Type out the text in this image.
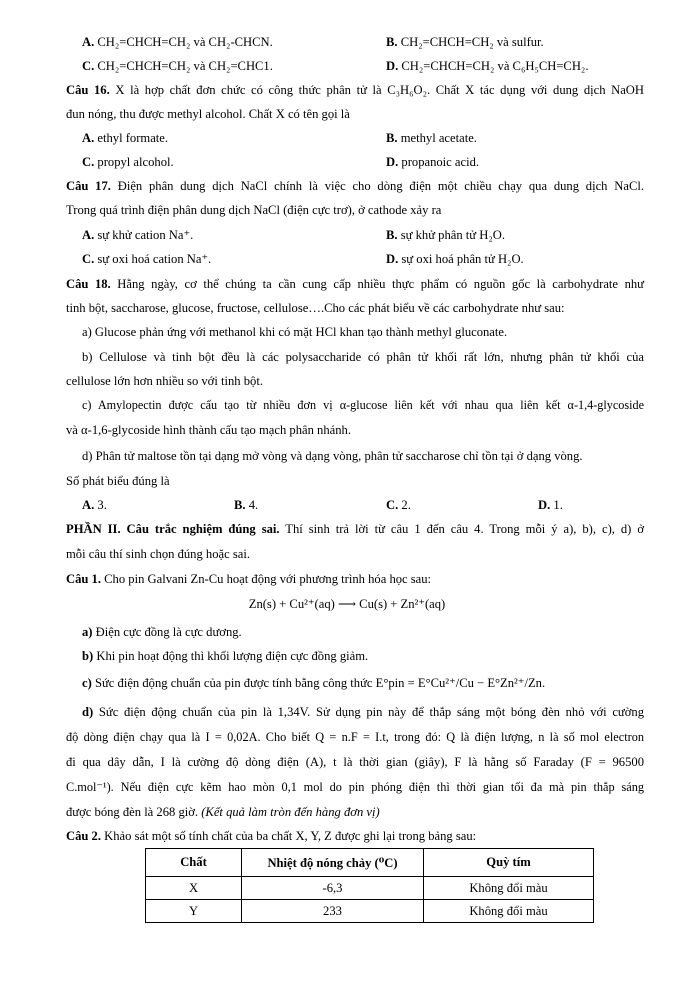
A. CH₂=CHCH=CH₂ và CH₂-CHCN.	B. CH₂=CHCH=CH₂ và sulfur.
C. CH₂=CHCH=CH₂ và CH₂=CHC1.	D. CH₂=CHCH=CH₂ và C₆H₅CH=CH₂.
Câu 16. X là hợp chất đơn chức có công thức phân tử là C₃H₆O₂. Chất X tác dụng với dung dịch NaOH
đun nóng, thu được methyl alcohol. Chất X có tên gọi là
A. ethyl formate.	B. methyl acetate.
C. propyl alcohol.	D. propanoic acid.
Câu 17. Điện phân dung dịch NaCl chính là việc cho dòng điện một chiều chạy qua dung dịch NaCl.
Trong quá trình điện phân dung dịch NaCl (điện cực trơ), ở cathode xảy ra
A. sự khử cation Na⁺.	B. sự khử phân tử H₂O.
C. sự oxi hoá cation Na⁺.	D. sự oxi hoá phân tử H₂O.
Câu 18. Hằng ngày, cơ thể chúng ta cần cung cấp nhiều thực phẩm có nguồn gốc là carbohydrate như
tinh bột, saccharose, glucose, fructose, cellulose….Cho các phát biểu về các carbohydrate như sau:
a) Glucose phản ứng với methanol khi có mặt HCl khan tạo thành methyl gluconate.
b) Cellulose và tinh bột đều là các polysaccharide có phân tử khối rất lớn, nhưng phân tử khối của
cellulose lớn hơn nhiều so với tinh bột.
c) Amylopectin được cấu tạo từ nhiều đơn vị α-glucose liên kết với nhau qua liên kết α-1,4-glycoside
và α-1,6-glycoside hình thành cấu tạo mạch phân nhánh.
d) Phân tử maltose tồn tại dạng mở vòng và dạng vòng, phân tử saccharose chỉ tồn tại ở dạng vòng.
Số phát biểu đúng là
A. 3.	B. 4.	C. 2.	D. 1.
PHẦN II. Câu trắc nghiệm đúng sai. Thí sinh trả lời từ câu 1 đến câu 4. Trong mỗi ý a), b), c), d) ở
mỗi câu thí sinh chọn đúng hoặc sai.
Câu 1. Cho pin Galvani Zn-Cu hoạt động với phương trình hóa học sau:
Zn(s) + Cu²⁺(aq) ⟶ Cu(s) + Zn²⁺(aq)
a) Điện cực đồng là cực dương.
b) Khi pin hoạt động thì khối lượng điện cực đồng giảm.
c) Sức điện động chuẩn của pin được tính bằng công thức E°pin = E°Cu²⁺/Cu − E°Zn²⁺/Zn.
d) Sức điện động chuẩn của pin là 1,34V. Sử dụng pin này để thắp sáng một bóng đèn nhỏ với cường
độ dòng điện chạy qua là I = 0,02A. Cho biết Q = n.F = I.t, trong đó: Q là điện lượng, n là số mol electron
đi qua dây dẫn, I là cường độ dòng điện (A), t là thời gian (giây), F là hằng số Faraday (F = 96500
C.mol⁻¹). Nếu điện cực kẽm hao mòn 0,1 mol do pin phóng điện thì thời gian tối đa mà pin thắp sáng
được bóng đèn là 268 giờ. (Kết quả làm tròn đến hàng đơn vị)
Câu 2. Khảo sát một số tính chất của ba chất X, Y, Z được ghi lại trong bảng sau:
Chất	Nhiệt độ nóng chảy (⁰C)	Quỳ tím
X	-6,3	Không đổi màu
Y	233	Không đổi màu
